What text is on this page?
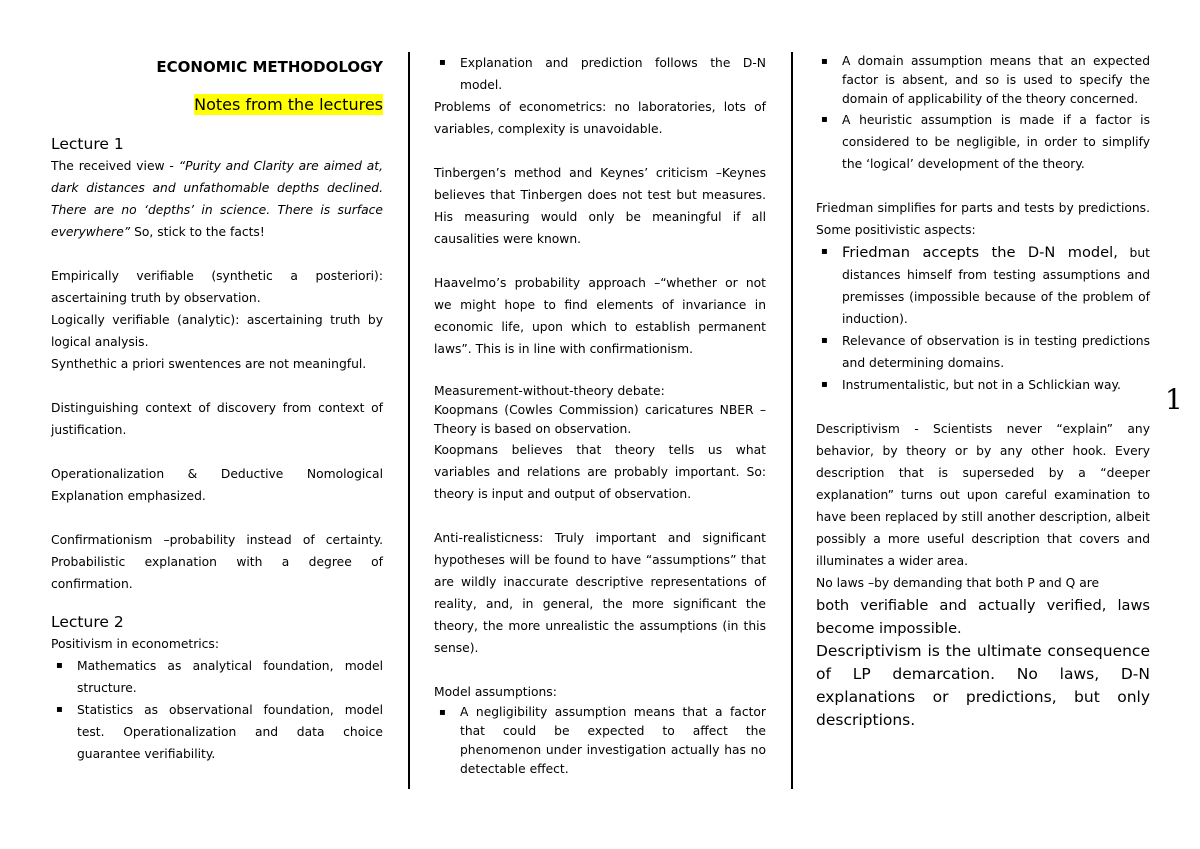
ECONOMIC METHODOLOGY

Notes from the lectures

Lecture 1

The received view - “Purity and Clarity are aimed at, dark distances and unfathomable depths declined. There are no ‘depths’ in science. There is surface everywhere” So, stick to the facts!

Empirically verifiable (synthetic a posteriori): ascertaining truth by observation.

Logically verifiable (analytic): ascertaining truth by logical analysis.

Synthethic a priori swentences are not meaningful.

Distinguishing context of discovery from context of justification.

Operationalization & Deductive Nomological Explanation emphasized.

Confirmationism –probability instead of certainty. Probabilistic explanation with a degree of confirmation.

Lecture 2

Positivism in econometrics:

▪ Mathematics as analytical foundation, model structure.
▪ Statistics as observational foundation, model test. Operationalization and data choice guarantee verifiability.
▪ Explanation and prediction follows the D-N model.

Problems of econometrics: no laboratories, lots of variables, complexity is unavoidable.

Tinbergen’s method and Keynes’ criticism –Keynes believes that Tinbergen does not test but measures. His measuring would only be meaningful if all causalities were known.

Haavelmo’s probability approach –“whether or not we might hope to find elements of invariance in economic life, upon which to establish permanent laws”. This is in line with confirmationism.

Measurement-without-theory debate:

Koopmans (Cowles Commission) caricatures NBER –Theory is based on observation.

Koopmans believes that theory tells us what variables and relations are probably important. So: theory is input and output of observation.

Anti-realisticness: Truly important and significant hypotheses will be found to have “assumptions” that are wildly inaccurate descriptive representations of reality, and, in general, the more significant the theory, the more unrealistic the assumptions (in this sense).

Model assumptions:

▪ A negligibility assumption means that a factor that could be expected to affect the phenomenon under investigation actually has no detectable effect.
▪ A domain assumption means that an expected factor is absent, and so is used to specify the domain of applicability of the theory concerned.
▪ A heuristic assumption is made if a factor is considered to be negligible, in order to simplify the ‘logical’ development of the theory.

Friedman simplifies for parts and tests by predictions. Some positivistic aspects:

▪ Friedman accepts the D-N model, but distances himself from testing assumptions and premisses (impossible because of the problem of induction).
▪ Relevance of observation is in testing predictions and determining domains.
▪ Instrumentalistic, but not in a Schlickian way.

Descriptivism - Scientists never “explain” any behavior, by theory or by any other hook. Every description that is superseded by a “deeper explanation” turns out upon careful examination to have been replaced by still another description, albeit possibly a more useful description that covers and illuminates a wider area.

No laws –by demanding that both P and Q are
both verifiable and actually verified, laws become impossible.

Descriptivism is the ultimate consequence of LP demarcation. No laws, D-N explanations or predictions, but only descriptions.

1
